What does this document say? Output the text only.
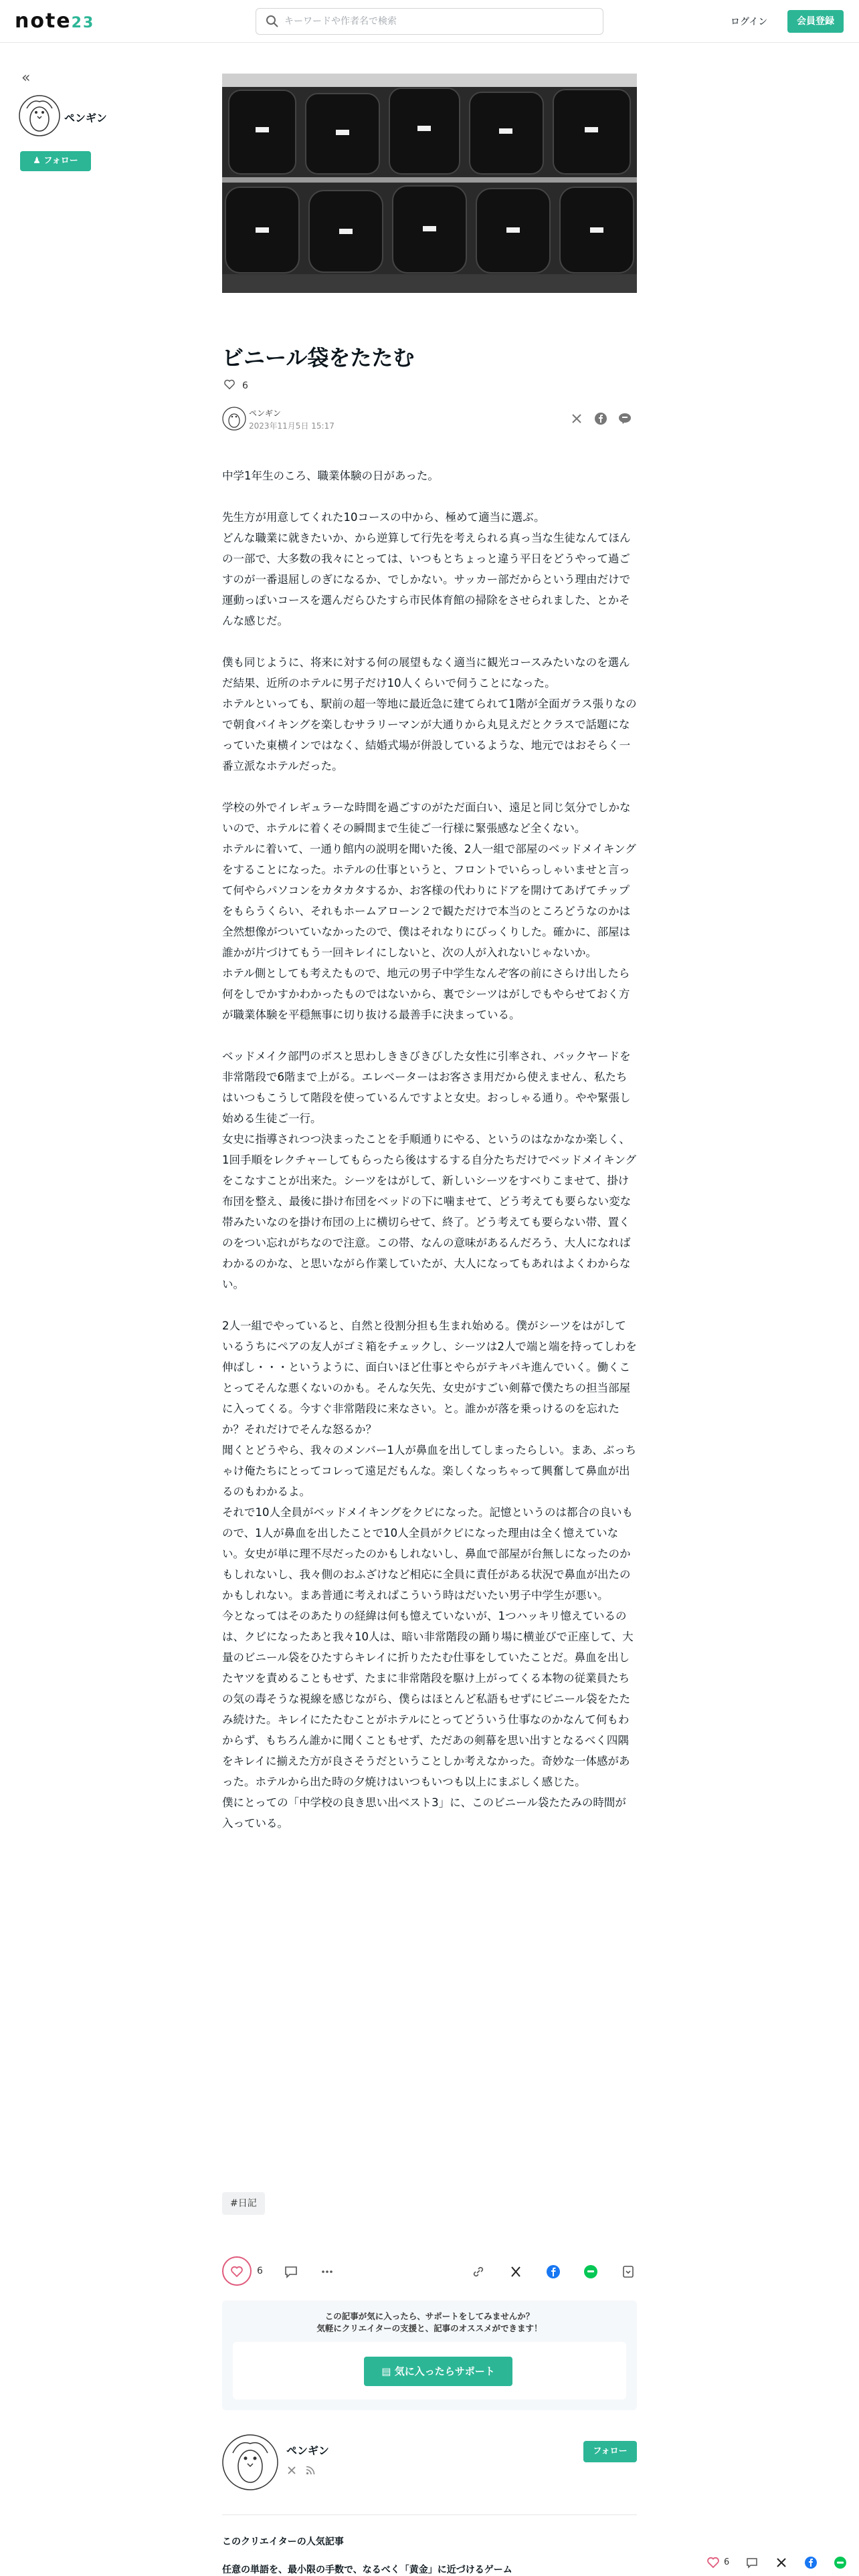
note23
キーワードや作者名で検索	ログイン	会員登録
«
ペンギン
♟ フォロー
ビニール袋をたたむ
6
ペンギン
2023年11月5日 15:17

中学1年生のころ、職業体験の日があった。

先生方が用意してくれた10コースの中から、極めて適当に選ぶ。
どんな職業に就きたいか、から逆算して行先を考えられる真っ当な生徒なんてほんの一部で、大多数の我々にとっては、いつもとちょっと違う平日をどうやって過ごすのが一番退屈しのぎになるか、でしかない。サッカー部だからという理由だけで運動っぽいコースを選んだらひたすら市民体育館の掃除をさせられました、とかそんな感じだ。

僕も同じように、将来に対する何の展望もなく適当に観光コースみたいなのを選んだ結果、近所のホテルに男子だけ10人くらいで伺うことになった。
ホテルといっても、駅前の超一等地に最近急に建てられて1階が全面ガラス張りなので朝食バイキングを楽しむサラリーマンが大通りから丸見えだとクラスで話題になっていた東横インではなく、結婚式場が併設しているような、地元ではおそらく一番立派なホテルだった。

学校の外でイレギュラーな時間を過ごすのがただ面白い、遠足と同じ気分でしかないので、ホテルに着くその瞬間まで生徒ご一行様に緊張感など全くない。
ホテルに着いて、一通り館内の説明を聞いた後、2人一組で部屋のベッドメイキングをすることになった。ホテルの仕事というと、フロントでいらっしゃいませと言って何やらパソコンをカタカタするか、お客様の代わりにドアを開けてあげてチップをもらうくらい、それもホームアローン２で観ただけで本当のところどうなのかは全然想像がついていなかったので、僕はそれなりにびっくりした。確かに、部屋は誰かが片づけてもう一回キレイにしないと、次の人が入れないじゃないか。
ホテル側としても考えたもので、地元の男子中学生なんぞ客の前にさらけ出したら何をしでかすかわかったものではないから、裏でシーツはがしでもやらせておく方が職業体験を平穏無事に切り抜ける最善手に決まっている。

ベッドメイク部門のボスと思わしききびきびした女性に引率され、バックヤードを非常階段で6階まで上がる。エレベーターはお客さま用だから使えません、私たちはいつもこうして階段を使っているんですよと女史。おっしゃる通り。やや緊張し始める生徒ご一行。
女史に指導されつつ決まったことを手順通りにやる、というのはなかなか楽しく、1回手順をレクチャーしてもらったら後はするする自分たちだけでベッドメイキングをこなすことが出来た。シーツをはがして、新しいシーツをすべりこませて、掛け布団を整え、最後に掛け布団をベッドの下に噛ませて、どう考えても要らない変な帯みたいなのを掛け布団の上に横切らせて、終了。どう考えても要らない帯、置くのをつい忘れがちなので注意。この帯、なんの意味があるんだろう、大人になればわかるのかな、と思いながら作業していたが、大人になってもあれはよくわからない。

2人一組でやっていると、自然と役割分担も生まれ始める。僕がシーツをはがしているうちにペアの友人がゴミ箱をチェックし、シーツは2人で端と端を持ってしわを伸ばし・・・というように、面白いほど仕事とやらがテキパキ進んでいく。働くことってそんな悪くないのかも。そんな矢先、女史がすごい剣幕で僕たちの担当部屋に入ってくる。今すぐ非常階段に来なさい。と。誰かが落を乗っけるのを忘れたか？それだけでそんな怒るか？
聞くとどうやら、我々のメンバー1人が鼻血を出してしまったらしい。まあ、ぶっちゃけ俺たちにとってコレって遠足だもんな。楽しくなっちゃって興奮して鼻血が出るのもわかるよ。
それで10人全員がベッドメイキングをクビになった。記憶というのは都合の良いもので、1人が鼻血を出したことで10人全員がクビになった理由は全く憶えていない。女史が単に理不尽だったのかもしれないし、鼻血で部屋が台無しになったのかもしれないし、我々側のおふざけなど相応に全員に責任がある状況で鼻血が出たのかもしれない。まあ普通に考えればこういう時はだいたい男子中学生が悪い。
今となってはそのあたりの経緯は何も憶えていないが、1つハッキリ憶えているのは、クビになったあと我々10人は、暗い非常階段の踊り場に横並びで正座して、大量のビニール袋をひたすらキレイに折りたたむ仕事をしていたことだ。鼻血を出したヤツを責めることもせず、たまに非常階段を駆け上がってくる本物の従業員たちの気の毒そうな視線を感じながら、僕らはほとんど私語もせずにビニール袋をたたみ続けた。キレイにたたむことがホテルにとってどういう仕事なのかなんて何もわからず、もちろん誰かに聞くこともせず、ただあの剣幕を思い出すとなるべく四隅をキレイに揃えた方が良さそうだということしか考えなかった。奇妙な一体感があった。ホテルから出た時の夕焼けはいつもいつも以上にまぶしく感じた。
僕にとっての「中学校の良き思い出ベスト3」に、このビニール袋たたみの時間が入っている。

#日記
6
この記事が気に入ったら、サポートをしてみませんか？
気軽にクリエイターの支援と、記事のオススメができます！
▤ 気に入ったらサポート
ペンギン	フォロー
このクリエイターの人気記事
任意の単語を、最小限の手数で、なるべく「黄金」に近づけるゲーム
6
